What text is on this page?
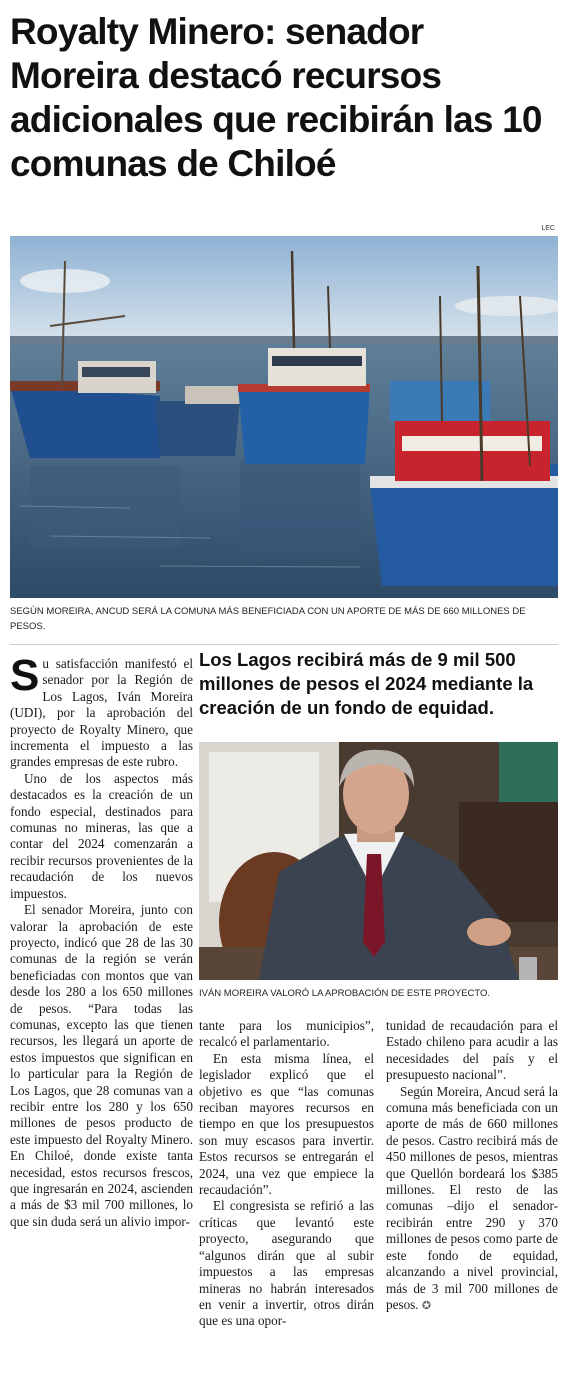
Royalty Minero: senador Moreira destacó recursos adicionales que recibirán las 10 comunas de Chiloé
LEC

SEGÚN MOREIRA, ANCUD SERÁ LA COMUNA MÁS BENEFICIADA CON UN APORTE DE MÁS DE 660 MILLONES DE PESOS.

Su satisfacción manifestó el senador por la Región de Los Lagos, Iván Moreira (UDI), por la aprobación del proyecto de Royalty Minero, que incrementa el impuesto a las grandes empresas de este rubro.

Uno de los aspectos más destacados es la creación de un fondo especial, destinados para comunas no mineras, las que a contar del 2024 comenzarán a recibir recursos provenientes de la recaudación de los nuevos impuestos.

El senador Moreira, junto con valorar la aprobación de este proyecto, indicó que 28 de las 30 comunas de la región se verán beneficiadas con montos que van desde los 280 a los 650 millones de pesos. “Para todas las comunas, excepto las que tienen recursos, les llegará un aporte de estos impuestos que significan en lo particular para la Región de Los Lagos, que 28 comunas van a recibir entre los 280 y los 650 millones de pesos producto de este impuesto del Royalty Minero. En Chiloé, donde existe tanta necesidad, estos recursos frescos, que ingresarán en 2024, ascienden a más de $3 mil 700 millones, lo que sin duda será un alivio impor-

Los Lagos recibirá más de 9 mil 500 millones de pesos el 2024 mediante la creación de un fondo de equidad.

IVÁN MOREIRA VALORÓ LA APROBACIÓN DE ESTE PROYECTO.

tante para los municipios”, recalcó el parlamentario.

En esta misma línea, el legislador explicó que el objetivo es que “las comunas reciban mayores recursos en tiempo en que los presupuestos son muy escasos para invertir. Estos recursos se entregarán el 2024, una vez que empiece la recaudación”.

El congresista se refirió a las críticas que levantó este proyecto, asegurando que “algunos dirán que al subir impuestos a las empresas mineras no habrán interesados en venir a invertir, otros dirán que es una opor-

tunidad de recaudación para el Estado chileno para acudir a las necesidades del país y el presupuesto nacional”.

Según Moreira, Ancud será la comuna más beneficiada con un aporte de más de 660 millones de pesos. Castro recibirá más de 450 millones de pesos, mientras que Quellón bordeará los $385 millones. El resto de las comunas –dijo el senador- recibirán entre 290 y 370 millones de pesos como parte de este fondo de equidad, alcanzando a nivel provincial, más de 3 mil 700 millones de pesos. ✪
